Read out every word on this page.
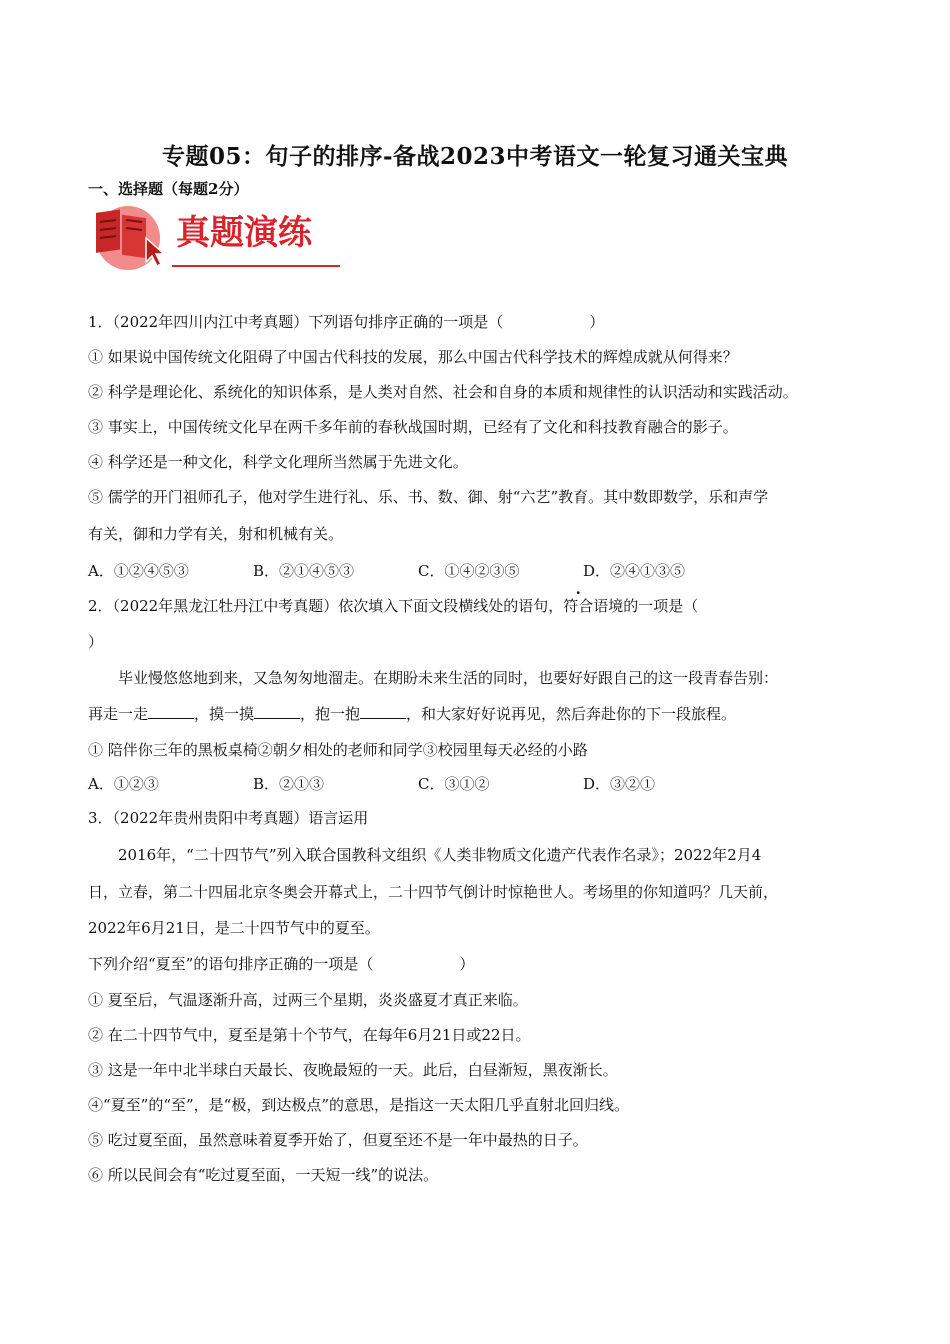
专题05：句子的排序-备战2023中考语文一轮复习通关宝典
一、选择题（每题2分）
真题演练
1．（2022年四川内江中考真题）下列语句排序正确的一项是（	）
① 如果说中国传统文化阻碍了中国古代科技的发展，那么中国古代科学技术的辉煌成就从何得来？
② 科学是理论化、系统化的知识体系，是人类对自然、社会和自身的本质和规律性的认识活动和实践活动。
③ 事实上，中国传统文化早在两千多年前的春秋战国时期，已经有了文化和科技教育融合的影子。
④ 科学还是一种文化，科学文化理所当然属于先进文化。
⑤ 儒学的开门祖师孔子，他对学生进行礼、乐、书、数、御、射“六艺”教育。其中数即数学，乐和声学
有关，御和力学有关，射和机械有关。
A．①②④⑤③	B．②①④⑤③	C．①④②③⑤	D．②④①③⑤
2．（2022年黑龙江牡丹江中考真题）依次填入下面文段横线处的语句，符合语境的一项是（
）
毕业慢悠悠地到来，又急匆匆地溜走。在期盼未来生活的同时，也要好好跟自己的这一段青春告别：
再走一走	，摸一摸	，抱一抱	，和大家好好说再见，然后奔赴你的下一段旅程。
① 陪伴你三年的黑板桌椅②朝夕相处的老师和同学③校园里每天必经的小路
A．①②③	B．②①③	C．③①②	D．③②①
3．（2022年贵州贵阳中考真题）语言运用
2016年，“二十四节气”列入联合国教科文组织《人类非物质文化遗产代表作名录》；2022年2月4
日，立春，第二十四届北京冬奥会开幕式上，二十四节气倒计时惊艳世人。考场里的你知道吗？几天前，
2022年6月21日，是二十四节气中的夏至。
下列介绍“夏至”的语句排序正确的一项是（	）
① 夏至后，气温逐渐升高，过两三个星期，炎炎盛夏才真正来临。
② 在二十四节气中，夏至是第十个节气，在每年6月21日或22日。
③ 这是一年中北半球白天最长、夜晚最短的一天。此后，白昼渐短，黑夜渐长。
④“夏至”的“至”，是“极，到达极点”的意思，是指这一天太阳几乎直射北回归线。
⑤ 吃过夏至面，虽然意味着夏季开始了，但夏至还不是一年中最热的日子。
⑥ 所以民间会有“吃过夏至面，一天短一线”的说法。
